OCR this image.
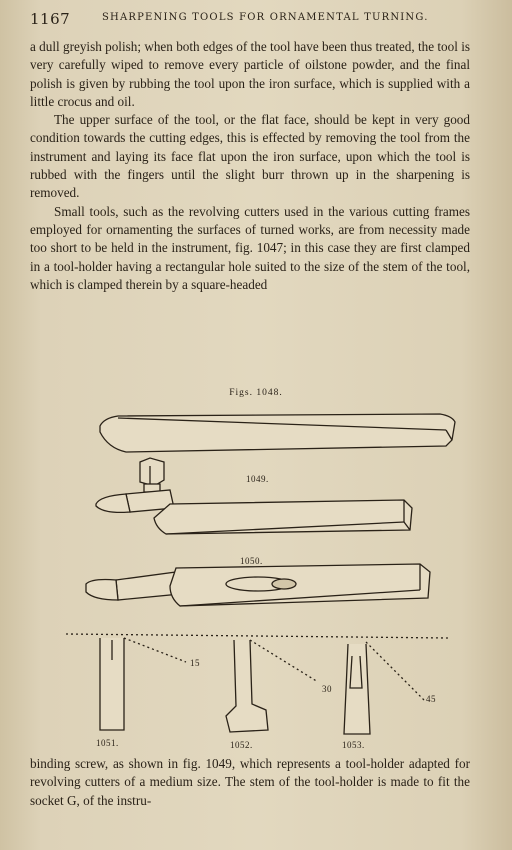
1167	SHARPENING TOOLS FOR ORNAMENTAL TURNING.

a dull greyish polish; when both edges of the tool have been thus treated, the tool is very carefully wiped to remove every particle of oilstone powder, and the final polish is given by rubbing the tool upon the iron surface, which is supplied with a little crocus and oil.

The upper surface of the tool, or the flat face, should be kept in very good condition towards the cutting edges, this is effected by removing the tool from the instrument and laying its face flat upon the iron surface, upon which the tool is rubbed with the fingers until the slight burr thrown up in the sharpening is removed.

Small tools, such as the revolving cutters used in the various cutting frames employed for ornamenting the surfaces of turned works, are from necessity made too short to be held in the instrument, fig. 1047; in this case they are first clamped in a tool-holder having a rectangular hole suited to the size of the stem of the tool, which is clamped therein by a square-headed

Figs. 1048.
1049.
1050.
15
30
45
1051.	1052.	1053.

binding screw, as shown in fig. 1049, which represents a tool-holder adapted for revolving cutters of a medium size. The stem of the tool-holder is made to fit the socket G, of the instru-
